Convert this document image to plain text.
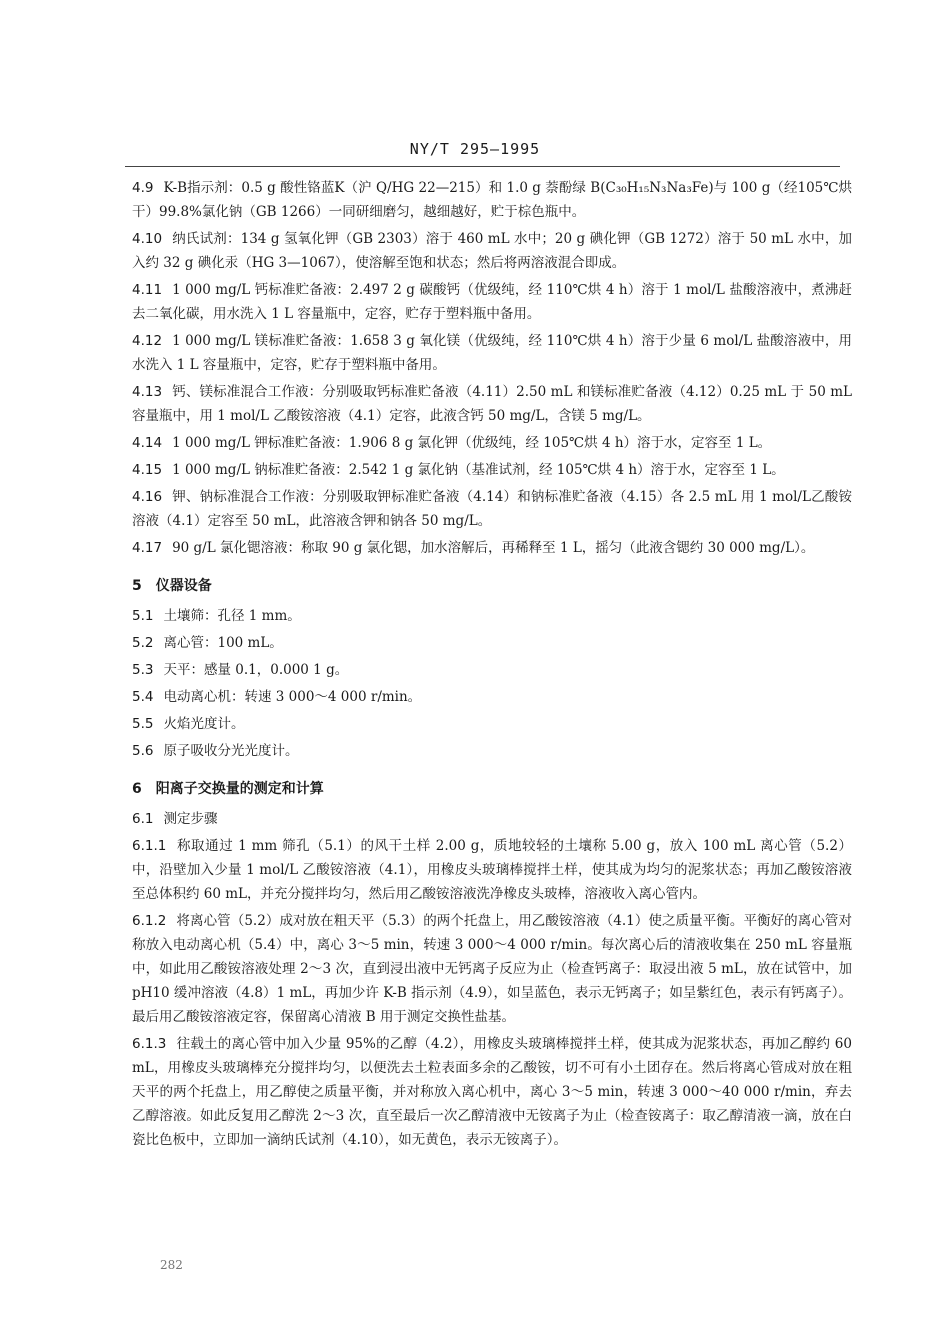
NY/T 295—1995
4.9 K-B指示剂：0.5 g 酸性铬蓝K（沪 Q/HG 22—215）和 1.0 g 萘酚绿 B(C₃₀H₁₅N₃Na₃Fe)与 100 g（经105℃烘干）99.8%氯化钠（GB 1266）一同研细磨匀，越细越好，贮于棕色瓶中。
4.10 纳氏试剂：134 g 氢氧化钾（GB 2303）溶于 460 mL 水中；20 g 碘化钾（GB 1272）溶于 50 mL 水中，加入约 32 g 碘化汞（HG 3—1067），使溶解至饱和状态；然后将两溶液混合即成。
4.11 1 000 mg/L 钙标准贮备液：2.497 2 g 碳酸钙（优级纯，经 110℃烘 4 h）溶于 1 mol/L 盐酸溶液中，煮沸赶去二氧化碳，用水洗入 1 L 容量瓶中，定容，贮存于塑料瓶中备用。
4.12 1 000 mg/L 镁标准贮备液：1.658 3 g 氧化镁（优级纯，经 110℃烘 4 h）溶于少量 6 mol/L 盐酸溶液中，用水洗入 1 L 容量瓶中，定容，贮存于塑料瓶中备用。
4.13 钙、镁标准混合工作液：分别吸取钙标准贮备液（4.11）2.50 mL 和镁标准贮备液（4.12）0.25 mL 于 50 mL 容量瓶中，用 1 mol/L 乙酸铵溶液（4.1）定容，此液含钙 50 mg/L，含镁 5 mg/L。
4.14 1 000 mg/L 钾标准贮备液：1.906 8 g 氯化钾（优级纯，经 105℃烘 4 h）溶于水，定容至 1 L。
4.15 1 000 mg/L 钠标准贮备液：2.542 1 g 氯化钠（基准试剂，经 105℃烘 4 h）溶于水，定容至 1 L。
4.16 钾、钠标准混合工作液：分别吸取钾标准贮备液（4.14）和钠标准贮备液（4.15）各 2.5 mL 用 1 mol/L乙酸铵溶液（4.1）定容至 50 mL，此溶液含钾和钠各 50 mg/L。
4.17 90 g/L 氯化锶溶液：称取 90 g 氯化锶，加水溶解后，再稀释至 1 L，摇匀（此液含锶约 30 000 mg/L）。
5 仪器设备
5.1 土壤筛：孔径 1 mm。
5.2 离心管：100 mL。
5.3 天平：感量 0.1，0.000 1 g。
5.4 电动离心机：转速 3 000～4 000 r/min。
5.5 火焰光度计。
5.6 原子吸收分光光度计。
6 阳离子交换量的测定和计算
6.1 测定步骤
6.1.1 称取通过 1 mm 筛孔（5.1）的风干土样 2.00 g，质地较轻的土壤称 5.00 g，放入 100 mL 离心管（5.2）中，沿壁加入少量 1 mol/L 乙酸铵溶液（4.1），用橡皮头玻璃棒搅拌土样，使其成为均匀的泥浆状态；再加乙酸铵溶液至总体积约 60 mL，并充分搅拌均匀，然后用乙酸铵溶液洗净橡皮头玻棒，溶液收入离心管内。
6.1.2 将离心管（5.2）成对放在粗天平（5.3）的两个托盘上，用乙酸铵溶液（4.1）使之质量平衡。平衡好的离心管对称放入电动离心机（5.4）中，离心 3～5 min，转速 3 000～4 000 r/min。每次离心后的清液收集在 250 mL 容量瓶中，如此用乙酸铵溶液处理 2～3 次，直到浸出液中无钙离子反应为止（检查钙离子：取浸出液 5 mL，放在试管中，加 pH10 缓冲溶液（4.8）1 mL，再加少许 K-B 指示剂（4.9），如呈蓝色，表示无钙离子；如呈紫红色，表示有钙离子）。最后用乙酸铵溶液定容，保留离心清液 B 用于测定交换性盐基。
6.1.3 往载土的离心管中加入少量 95%的乙醇（4.2），用橡皮头玻璃棒搅拌土样，使其成为泥浆状态，再加乙醇约 60 mL，用橡皮头玻璃棒充分搅拌均匀，以便洗去土粒表面多余的乙酸铵，切不可有小土团存在。然后将离心管成对放在粗天平的两个托盘上，用乙醇使之质量平衡，并对称放入离心机中，离心 3～5 min，转速 3 000～40 000 r/min，弃去乙醇溶液。如此反复用乙醇洗 2～3 次，直至最后一次乙醇清液中无铵离子为止（检查铵离子：取乙醇清液一滴，放在白瓷比色板中，立即加一滴纳氏试剂（4.10），如无黄色，表示无铵离子）。
282
